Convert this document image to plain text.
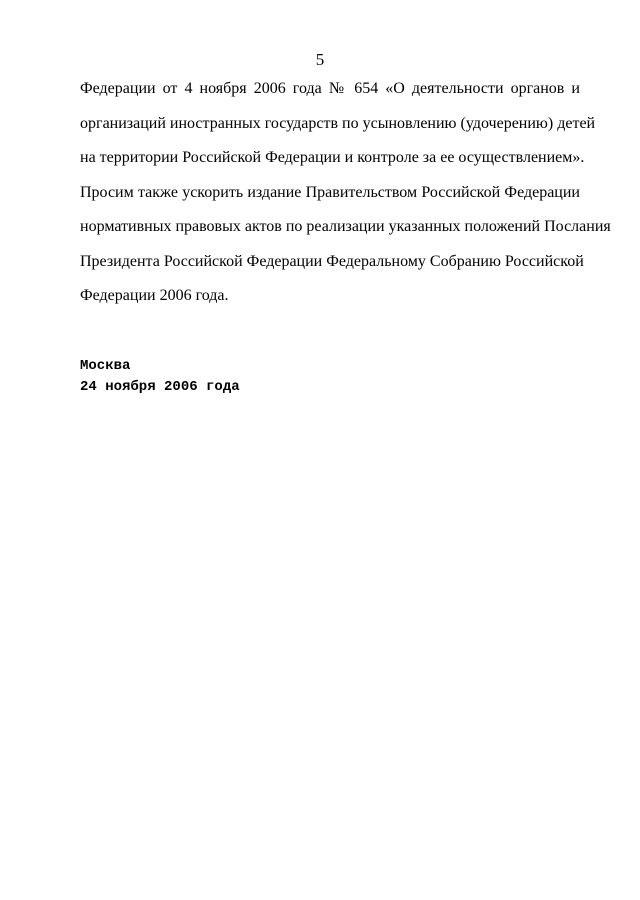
5
Федерации от 4 ноября 2006 года № 654 «О деятельности органов и
организаций иностранных государств по усыновлению (удочерению) детей
на территории Российской Федерации и контроле за ее осуществлением».
Просим также ускорить издание Правительством Российской Федерации
нормативных правовых актов по реализации указанных положений Послания
Президента Российской Федерации Федеральному Собранию Российской
Федерации 2006 года.
Москва
24 ноября 2006 года
